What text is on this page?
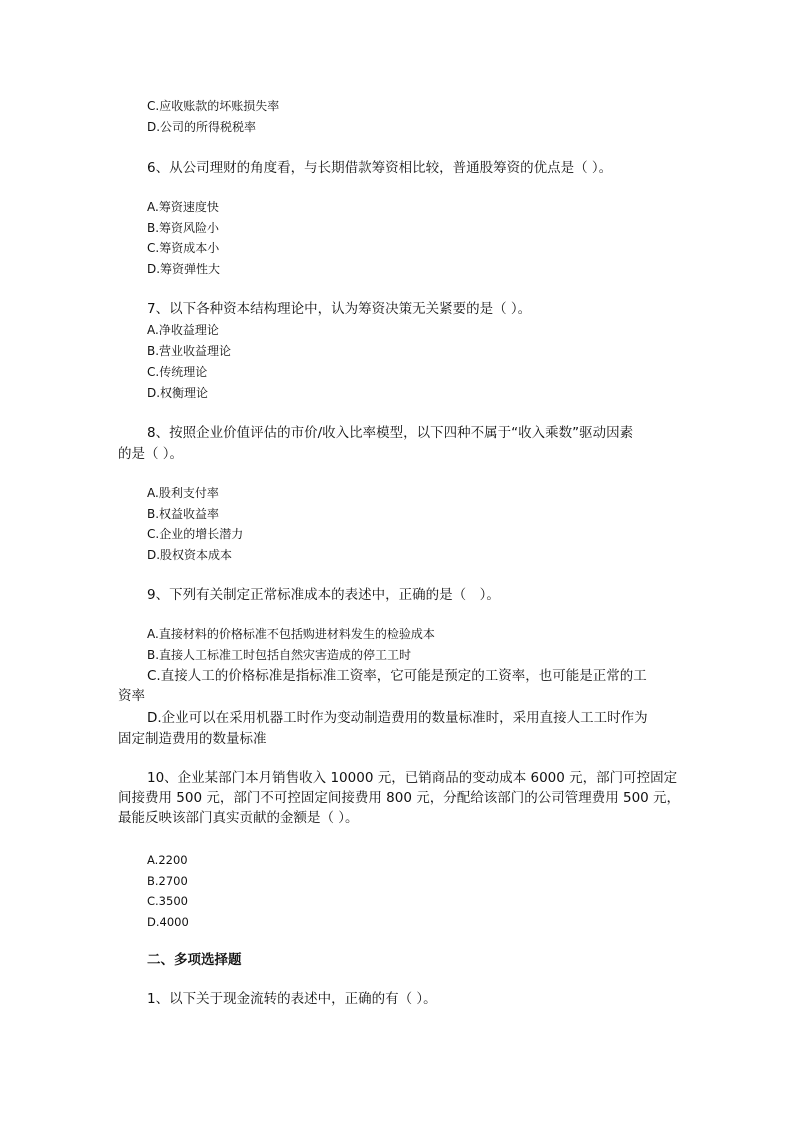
C.应收账款的坏账损失率
D.公司的所得税税率
6、从公司理财的角度看，与长期借款筹资相比较，普通股筹资的优点是（ ）。
A.筹资速度快
B.筹资风险小
C.筹资成本小
D.筹资弹性大
7、以下各种资本结构理论中，认为筹资决策无关紧要的是（ ）。
A.净收益理论
B.营业收益理论
C.传统理论
D.权衡理论
8、按照企业价值评估的市价/收入比率模型，以下四种不属于“收入乘数”驱动因素
的是（ ）。
A.股利支付率
B.权益收益率
C.企业的增长潜力
D.股权资本成本
9、下列有关制定正常标准成本的表述中，正确的是（　）。
A.直接材料的价格标准不包括购进材料发生的检验成本
B.直接人工标准工时包括自然灾害造成的停工工时
C.直接人工的价格标准是指标准工资率，它可能是预定的工资率，也可能是正常的工
资率
D.企业可以在采用机器工时作为变动制造费用的数量标准时，采用直接人工工时作为
固定制造费用的数量标准
10、企业某部门本月销售收入 10000 元，已销商品的变动成本 6000 元，部门可控固定
间接费用 500 元，部门不可控固定间接费用 800 元，分配给该部门的公司管理费用 500 元，
最能反映该部门真实贡献的金额是（ ）。
A.2200
B.2700
C.3500
D.4000
二、多项选择题
1、以下关于现金流转的表述中，正确的有（ ）。
